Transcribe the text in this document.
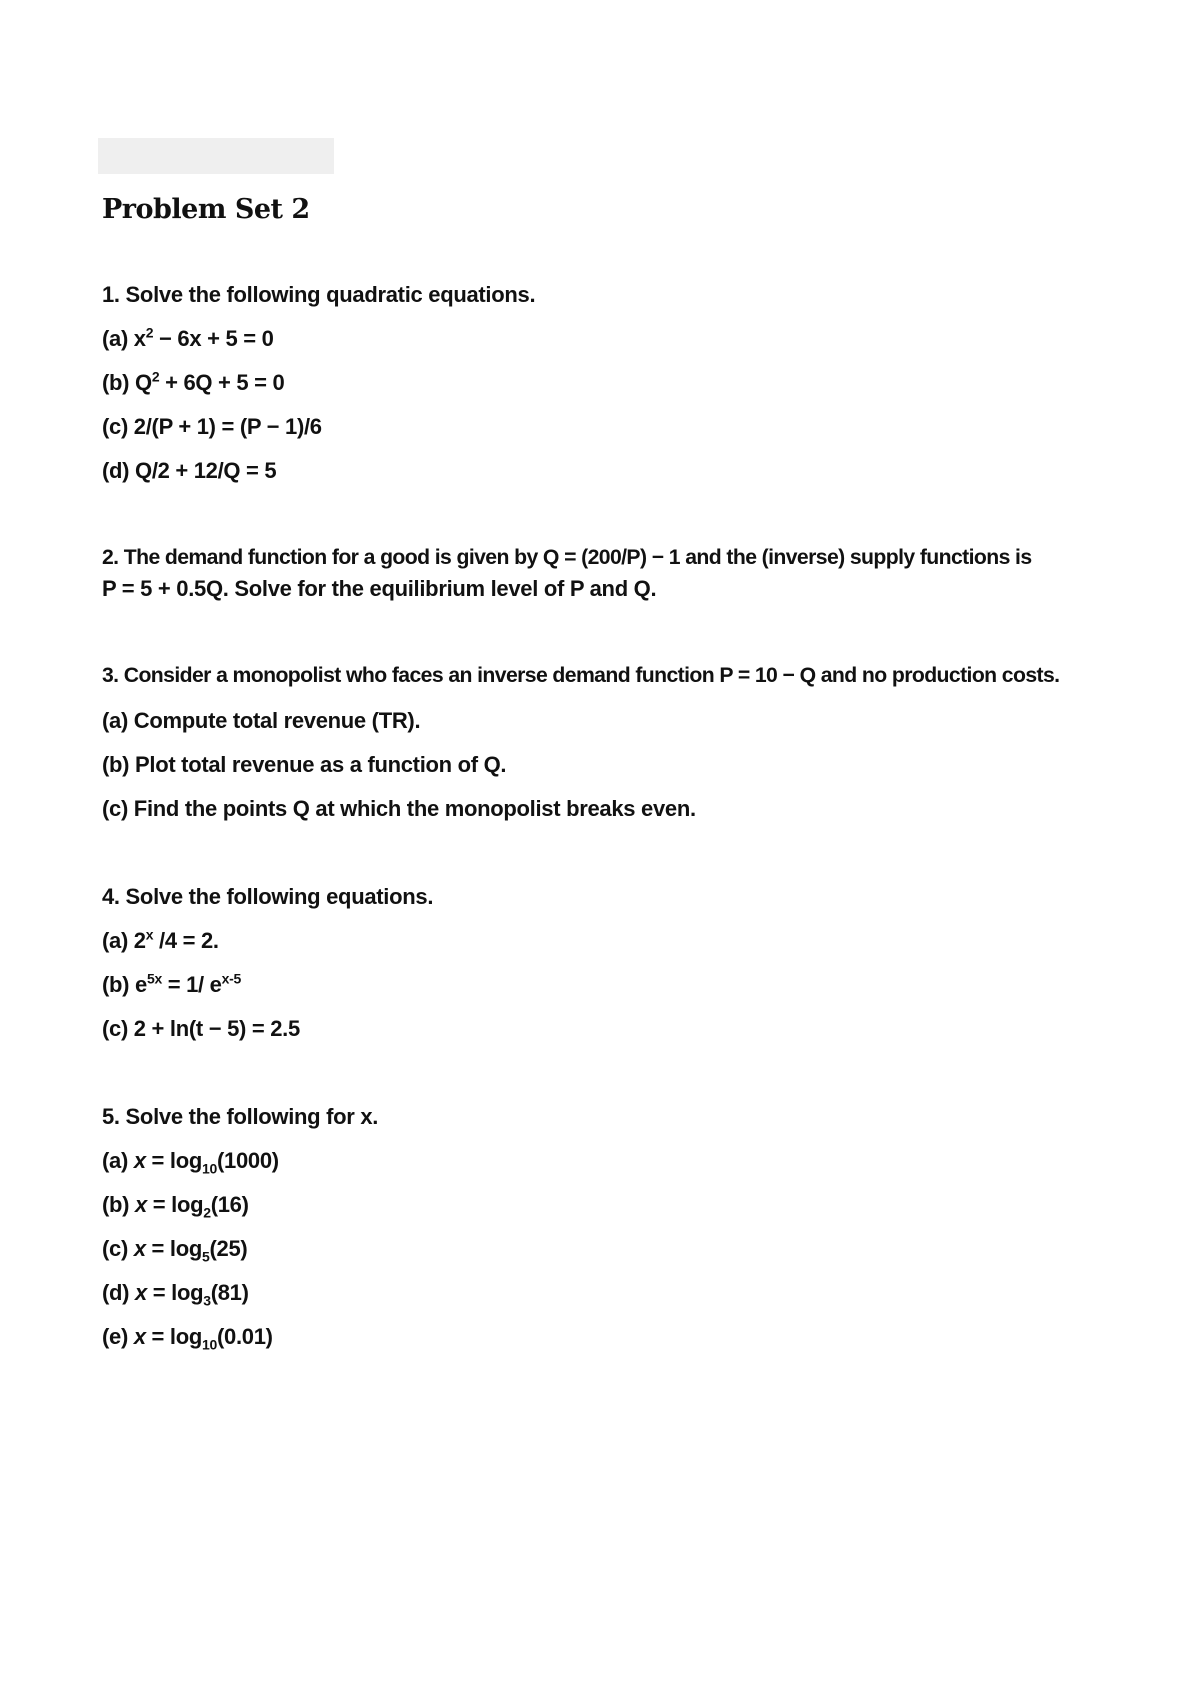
Problem Set 2
1. Solve the following quadratic equations.
(a) $x^2 - 6x + 5 = 0$
(b) $Q^2 + 6Q + 5 = 0$
(c) 2/(P + 1) = (P − 1)/6
(d) Q/2 + 12/Q = 5
2. The demand function for a good is given by Q = (200/P) − 1 and the (inverse) supply functions is
P = 5 + 0.5Q. Solve for the equilibrium level of P and Q.
3. Consider a monopolist who faces an inverse demand function P = 10 − Q and no production costs.
(a) Compute total revenue (TR).
(b) Plot total revenue as a function of Q.
(c) Find the points Q at which the monopolist breaks even.
4. Solve the following equations.
(a) 2$^x$ /4 = 2.
(b) $e^{5x} = 1/$ $e^{x-5}$
(c) 2 + ln(t − 5) = 2.5
5. Solve the following for x.
(a) $x = \log_{10}(1000)$
(b) $x = \log_2(16)$
(c) $x = \log_5(25)$
(d) $x = \log_3(81)$
(e) $x = \log_{10}(0.01)$
